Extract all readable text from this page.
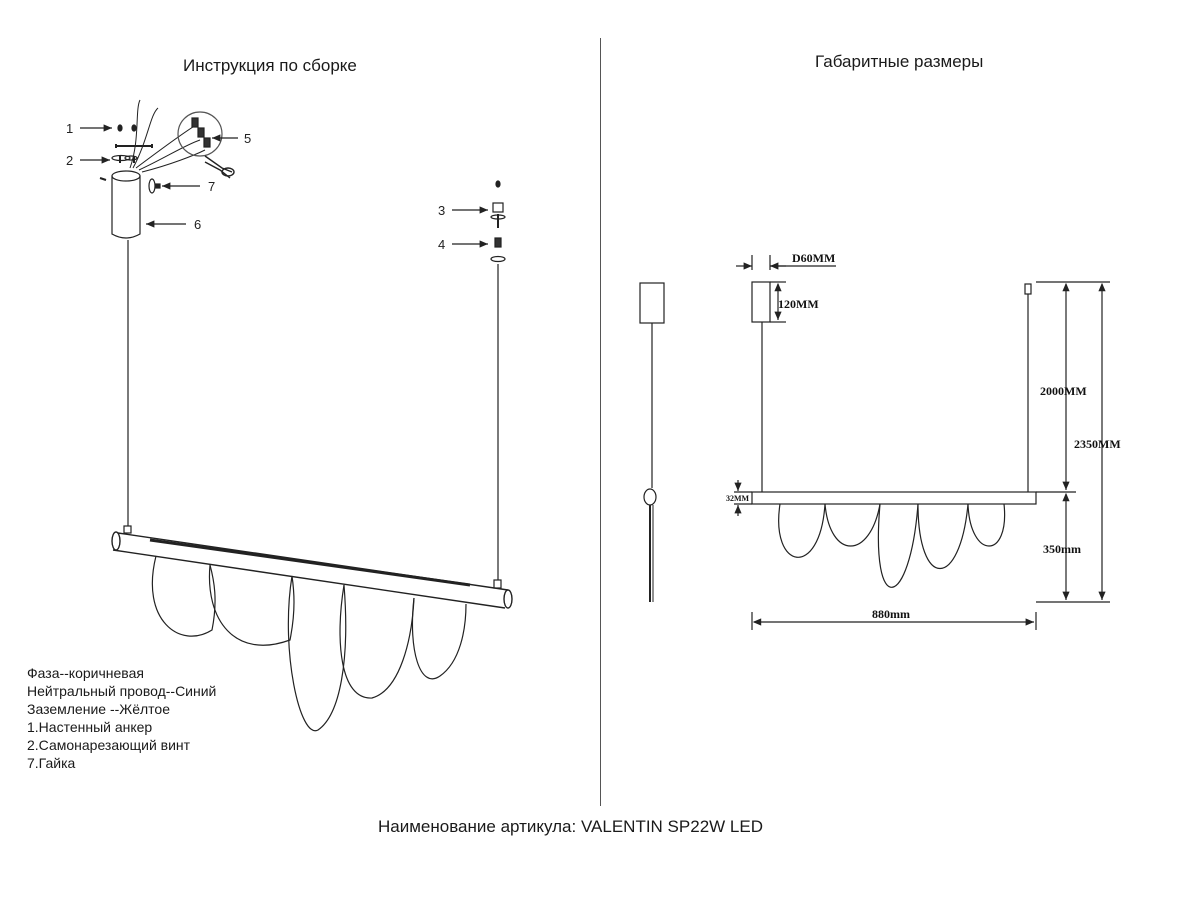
Инструкция по сборке	Габаритные размеры
1
2
3
4
5
6
7
D60MM
120MM
2000MM
2350MM
32MM
350mm
880mm
Фаза--коричневая
Нейтральный провод--Синий
Заземление --Жёлтое
1.Настенный анкер
2.Самонарезающий винт
7.Гайка
Наименование артикула: VALENTIN SP22W LED
